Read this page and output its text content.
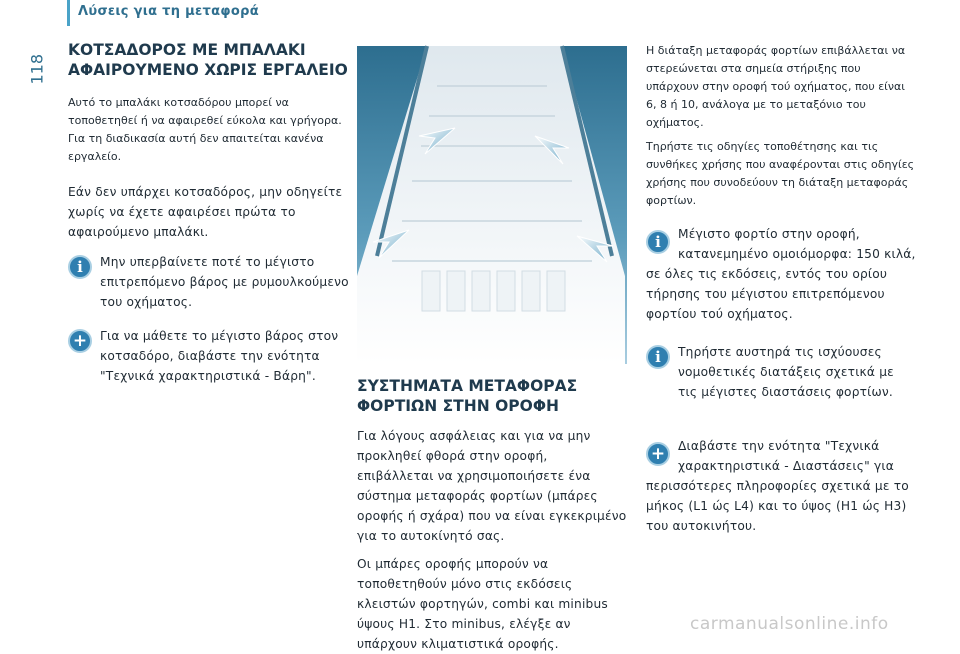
Λύσεις για τη μεταφορά
118
ΚΟΤΣΑΔΟΡΟΣ ΜΕ ΜΠΑΛΑΚΙ
ΑΦΑΙΡΟΥΜΕΝΟ ΧΩΡΙΣ ΕΡΓΑΛΕΙΟ

Αυτό το μπαλάκι κοτσαδόρου μπορεί να τοποθετηθεί ή να αφαιρεθεί εύκολα και γρήγορα. Για τη διαδικασία αυτή δεν απαιτείται κανένα εργαλείο.

Εάν δεν υπάρχει κοτσαδόρος, μην οδηγείτε χωρίς να έχετε αφαιρέσει πρώτα το αφαιρούμενο μπαλάκι.

i Μην υπερβαίνετε ποτέ το μέγιστο επιτρεπόμενο βάρος με ρυμουλκούμενο του οχήματος.

+ Για να μάθετε το μέγιστο βάρος στον κοτσαδόρο, διαβάστε την ενότητα "Τεχνικά χαρακτηριστικά - Βάρη".

ΣΥΣΤΗΜΑΤΑ ΜΕΤΑΦΟΡΑΣ
ΦΟΡΤΙΩΝ ΣΤΗΝ ΟΡΟΦΗ

Για λόγους ασφάλειας και για να μην προκληθεί φθορά στην οροφή, επιβάλλεται να χρησιμοποιήσετε ένα σύστημα μεταφοράς φορτίων (μπάρες οροφής ή σχάρα) που να είναι εγκεκριμένο για το αυτοκίνητό σας.

Οι μπάρες οροφής μπορούν να τοποθετηθούν μόνο στις εκδόσεις κλειστών φορτηγών, combi και minibus ύψους H1. Στο minibus, ελέγξε αν υπάρχουν κλιματιστικά οροφής.

Η διάταξη μεταφοράς φορτίων επιβάλλεται να στερεώνεται στα σημεία στήριξης που υπάρχουν στην οροφή τού οχήματος, που είναι 6, 8 ή 10, ανάλογα με το μεταξόνιο του οχήματος.

Τηρήστε τις οδηγίες τοποθέτησης και τις συνθήκες χρήσης που αναφέρονται στις οδηγίες χρήσης που συνοδεύουν τη διάταξη μεταφοράς φορτίων.

i	Μέγιστο φορτίο στην οροφή, κατανεμημένο ομοιόμορφα: 150 κιλά, σε όλες τις εκδόσεις, εντός του ορίου τήρησης του μέγιστου επιτρεπόμενου φορτίου τού οχήματος.

i Τηρήστε αυστηρά τις ισχύουσες νομοθετικές διατάξεις σχετικά με τις μέγιστες διαστάσεις φορτίων.

+	Διαβάστε την ενότητα "Τεχνικά χαρακτηριστικά - Διαστάσεις" για περισσότερες πληροφορίες σχετικά με το μήκος (L1 ώς L4) και το ύψος (H1 ώς H3) του αυτοκινήτου.

carmanualsonline.info
